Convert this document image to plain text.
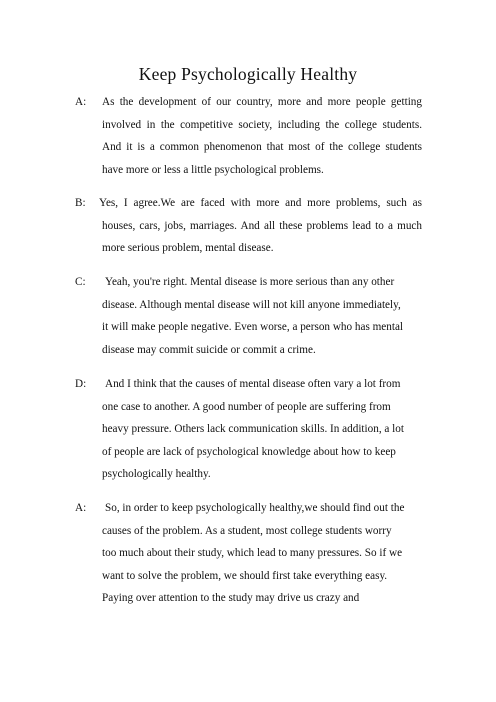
Keep Psychologically Healthy
A: As the development of our country, more and more people getting
involved in the competitive society, including the college students.
And it is a common phenomenon that most of the college students
have more or less a little psychological problems.
B: Yes, I agree.We are faced with more and more problems, such as
houses, cars, jobs, marriages. And all these problems lead to a much
more serious problem, mental disease.
C: Yeah, you're right. Mental disease is more serious than any other
disease. Although mental disease will not kill anyone immediately,
it will make people negative. Even worse, a person who has mental
disease may commit suicide or commit a crime.
D: And I think that the causes of mental disease often vary a lot from
one case to another. A good number of people are suffering from
heavy pressure. Others lack communication skills. In addition, a lot
of people are lack of psychological knowledge about how to keep
psychologically healthy.
A: So, in order to keep psychologically healthy,we should find out the
causes of the problem. As a student, most college students worry
too much about their study, which lead to many pressures. So if we
want to solve the problem, we should first take everything easy.
Paying over attention to the study may drive us crazy and
